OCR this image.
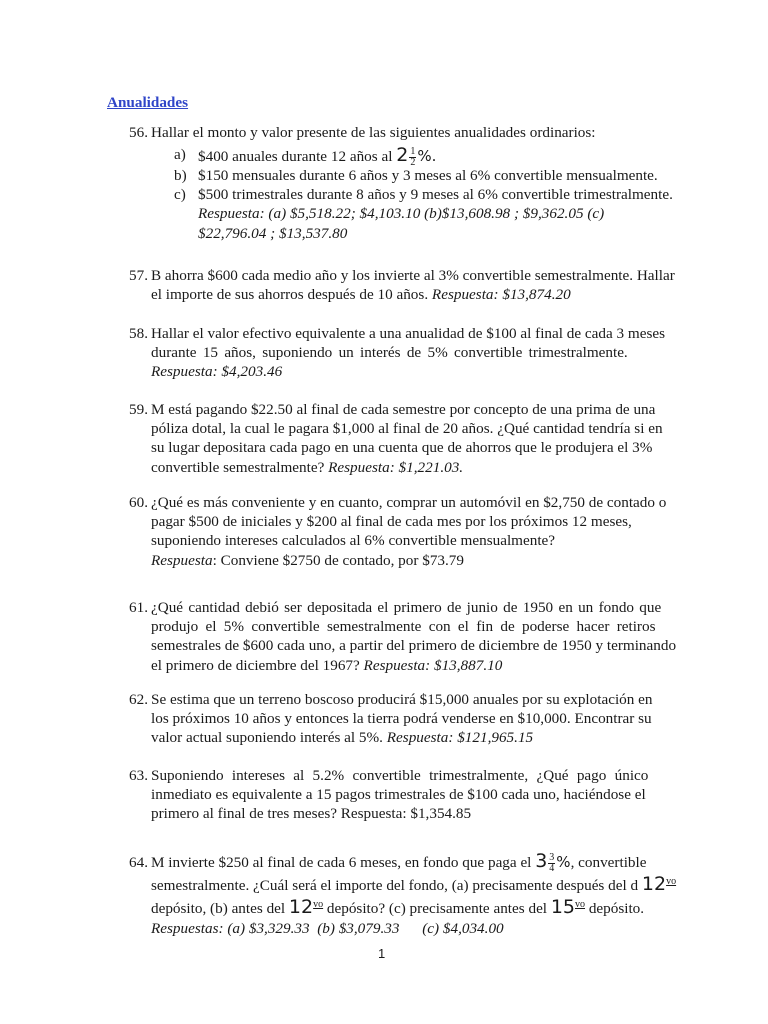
Anualidades
56. Hallar el monto y valor presente de las siguientes anualidades ordinarios:
a) $400 anuales durante 12 años al $2 \frac{1}{2}$ %.
b) $150 mensuales durante 6 años y 3 meses al 6% convertible mensualmente.
c) $500 trimestrales durante 8 años y 9 meses al 6% convertible trimestralmente.
Respuesta: (a) $5,518.22; $4,103.10 (b)$13,608.98 ; $9,362.05 (c)
$22,796.04 ; $13,537.80
57. B ahorra $600 cada medio año y los invierte al 3% convertible semestralmente. Hallar
el importe de sus ahorros después de 10 años. Respuesta: $13,874.20
58. Hallar el valor efectivo equivalente a una anualidad de $100 al final de cada 3 meses
durante 15 años, suponiendo un interés de 5% convertible trimestralmente.
Respuesta: $4,203.46
59. M está pagando $22.50 al final de cada semestre por concepto de una prima de una
póliza dotal, la cual le pagara $1,000 al final de 20 años. ¿Qué cantidad tendría si en
su lugar depositara cada pago en una cuenta que de ahorros que le produjera el 3%
convertible semestralmente? Respuesta: $1,221.03.
60. ¿Qué es más conveniente y en cuanto, comprar un automóvil en $2,750 de contado o
pagar $500 de iniciales y $200 al final de cada mes por los próximos 12 meses,
suponiendo intereses calculados al 6% convertible mensualmente?
Respuesta: Conviene $2750 de contado, por $73.79
61. ¿Qué cantidad debió ser depositada el primero de junio de 1950 en un fondo que
produjo el 5% convertible semestralmente con el fin de poderse hacer retiros
semestrales de $600 cada uno, a partir del primero de diciembre de 1950 y terminando
el primero de diciembre del 1967? Respuesta: $13,887.10
62. Se estima que un terreno boscoso producirá $15,000 anuales por su explotación en
los próximos 10 años y entonces la tierra podrá venderse en $10,000. Encontrar su
valor actual suponiendo interés al 5%. Respuesta: $121,965.15
63. Suponiendo intereses al 5.2% convertible trimestralmente, ¿Qué pago único
inmediato es equivalente a 15 pagos trimestrales de $100 cada uno, haciéndose el
primero al final de tres meses? Respuesta: $1,354.85
64. M invierte $250 al final de cada 6 meses, en fondo que paga el $3 \frac{3}{4}$ %, convertible
semestralmente. ¿Cuál será el importe del fondo, (a) precisamente después del d $12^{vo}$
depósito, (b) antes del $12^{vo}$ depósito? (c) precisamente antes del $15^{vo}$ depósito.
Respuestas: (a) $3,329.33  (b) $3,079.33      (c) $4,034.00
1
